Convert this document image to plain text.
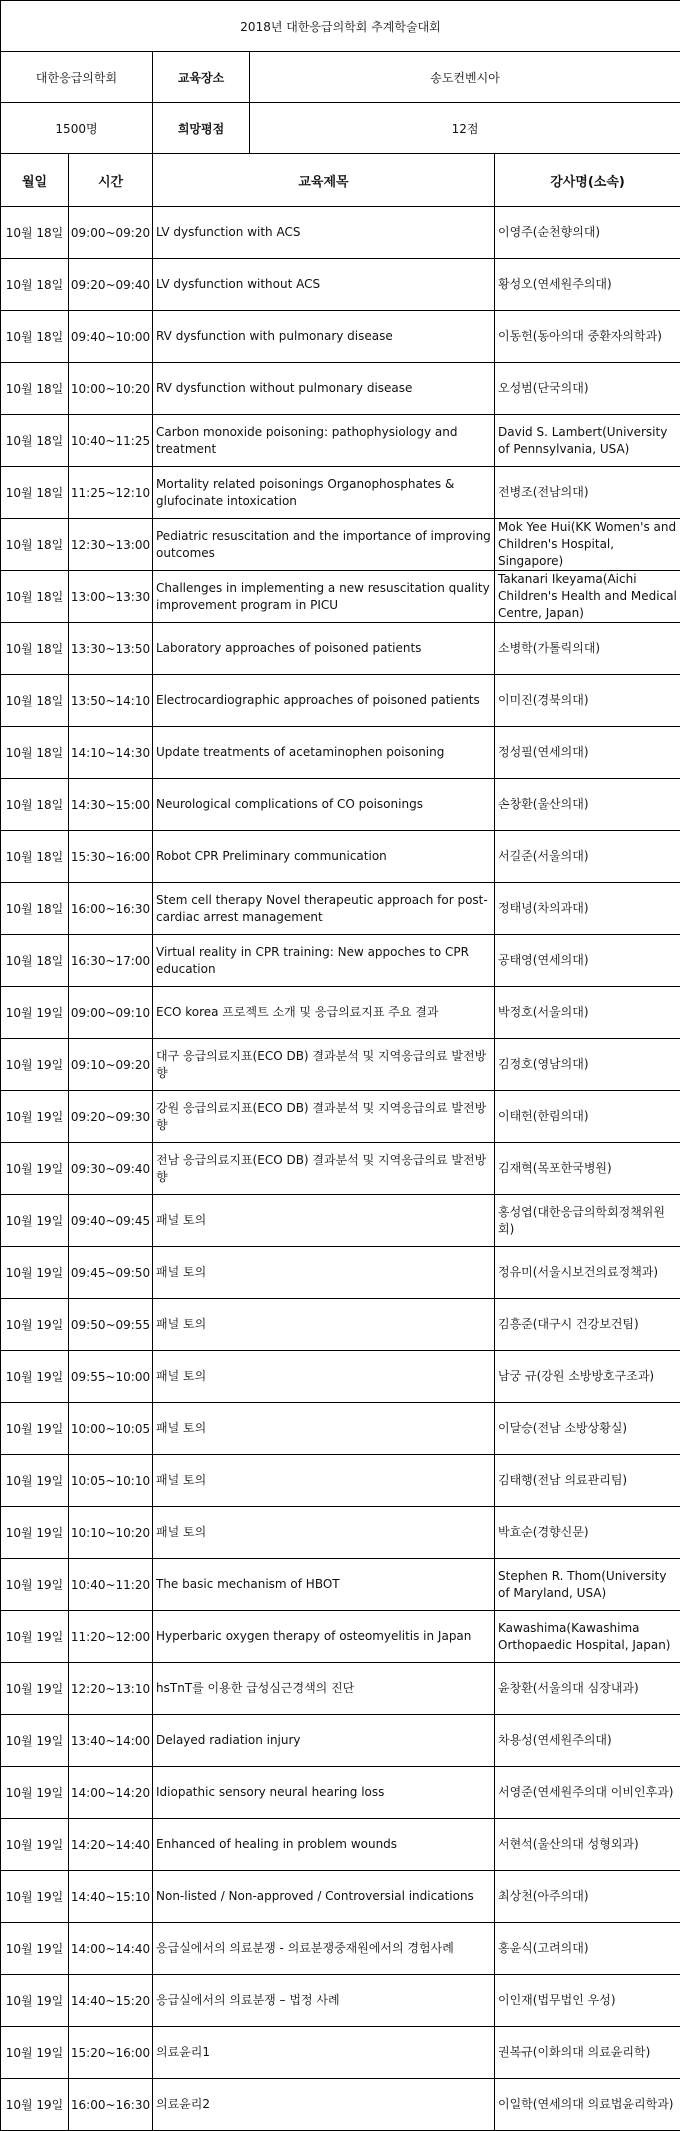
2018년 대한응급의학회 추계학술대회				
대한응급의학회		교육장소	송도컨벤시아	
1500명		희망평점	12점	
월일	시간	교육제목		강사명(소속)
10월 18일	09:00~09:20	LV dysfunction with ACS		이영주(순천향의대)
10월 18일	09:20~09:40	LV dysfunction without ACS		황성오(연세원주의대)
10월 18일	09:40~10:00	RV dysfunction with pulmonary disease		이동헌(동아의대 중환자의학과)
10월 18일	10:00~10:20	RV dysfunction without pulmonary disease		오성범(단국의대)
10월 18일	10:40~11:25	Carbon monoxide poisoning: pathophysiology and treatment		David S. Lambert(University of Pennsylvania, USA)
10월 18일	11:25~12:10	Mortality related poisonings Organophosphates & glufocinate intoxication		전병조(전남의대)
10월 18일	12:30~13:00	Pediatric resuscitation and the importance of improving outcomes		Mok Yee Hui(KK Women's and Children's Hospital, Singapore)
10월 18일	13:00~13:30	Challenges in implementing a new resuscitation quality improvement program in PICU		Takanari Ikeyama(Aichi Children's Health and Medical Centre, Japan)
10월 18일	13:30~13:50	Laboratory approaches of poisoned patients		소병학(가톨릭의대)
10월 18일	13:50~14:10	Electrocardiographic approaches of poisoned patients		이미진(경북의대)
10월 18일	14:10~14:30	Update treatments of acetaminophen poisoning		정성필(연세의대)
10월 18일	14:30~15:00	Neurological complications of CO poisonings		손창환(울산의대)
10월 18일	15:30~16:00	Robot CPR Preliminary communication		서길준(서울의대)
10월 18일	16:00~16:30	Stem cell therapy Novel therapeutic approach for post-cardiac arrest management		정태녕(차의과대)
10월 18일	16:30~17:00	Virtual reality in CPR training: New appoches to CPR education		공태영(연세의대)
10월 19일	09:00~09:10	ECO korea 프로젝트 소개 및 응급의료지표 주요 결과		박정호(서울의대)
10월 19일	09:10~09:20	대구 응급의료지표(ECO DB) 결과분석 및 지역응급의료 발전방향		김정호(영남의대)
10월 19일	09:20~09:30	강원 응급의료지표(ECO DB) 결과분석 및 지역응급의료 발전방향		이태헌(한림의대)
10월 19일	09:30~09:40	전남 응급의료지표(ECO DB) 결과분석 및 지역응급의료 발전방향		김재혁(목포한국병원)
10월 19일	09:40~09:45	패널 토의		홍성엽(대한응급의학회정책위원회)
10월 19일	09:45~09:50	패널 토의		정유미(서울시보건의료정책과)
10월 19일	09:50~09:55	패널 토의		김흥준(대구시 건강보건팀)
10월 19일	09:55~10:00	패널 토의		남궁 규(강원 소방방호구조과)
10월 19일	10:00~10:05	패널 토의		이달승(전남 소방상황실)
10월 19일	10:05~10:10	패널 토의		김태행(전남 의료관리팀)
10월 19일	10:10~10:20	패널 토의		박효순(경향신문)
10월 19일	10:40~11:20	The basic mechanism of HBOT		Stephen R. Thom(University of Maryland, USA)
10월 19일	11:20~12:00	Hyperbaric oxygen therapy of osteomyelitis in Japan		Kawashima(Kawashima Orthopaedic Hospital, Japan)
10월 19일	12:20~13:10	hsTnT를 이용한 급성심근경색의 진단		윤창환(서울의대 심장내과)
10월 19일	13:40~14:00	Delayed radiation injury		차용성(연세원주의대)
10월 19일	14:00~14:20	Idiopathic sensory neural hearing loss		서영준(연세원주의대 이비인후과)
10월 19일	14:20~14:40	Enhanced of healing in problem wounds		서현석(울산의대 성형외과)
10월 19일	14:40~15:10	Non-listed / Non-approved / Controversial indications		최상천(아주의대)
10월 19일	14:00~14:40	응급실에서의 의료분쟁 - 의료분쟁중재원에서의 경험사례		홍윤식(고려의대)
10월 19일	14:40~15:20	응급실에서의 의료분쟁 – 법정 사례		이인재(법무법인 우성)
10월 19일	15:20~16:00	의료윤리1		권복규(이화의대 의료윤리학)
10월 19일	16:00~16:30	의료윤리2		이일학(연세의대 의료법윤리학과)
